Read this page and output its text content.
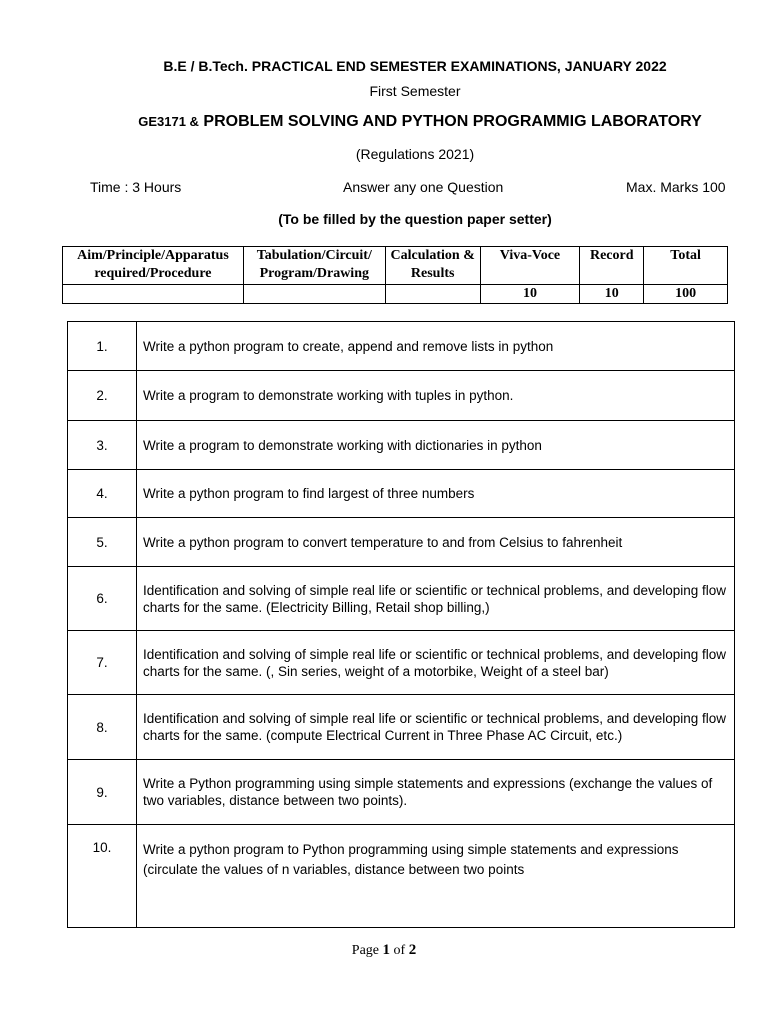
B.E / B.Tech. PRACTICAL END SEMESTER EXAMINATIONS, JANUARY 2022
First Semester
GE3171 & PROBLEM SOLVING AND PYTHON PROGRAMMIG LABORATORY
(Regulations 2021)
Time : 3 Hours	Answer any one Question	Max. Marks 100
(To be filled by the question paper setter)
Aim/Principle/Apparatus required/Procedure	Tabulation/Circuit/ Program/Drawing	Calculation & Results	Viva-Voce	Record	Total
			10	10	100
1.	Write a python program to create, append and remove lists in python
2.	Write a program to demonstrate working with tuples in python.
3.	Write a program to demonstrate working with dictionaries in python
4.	Write a python program to find largest of three numbers
5.	Write a python program to convert temperature to and from Celsius to fahrenheit
6.	Identification and solving of simple real life or scientific or technical problems, and developing flow charts for the same. (Electricity Billing, Retail shop billing,)
7.	Identification and solving of simple real life or scientific or technical problems, and developing flow charts for the same. (, Sin series, weight of a motorbike, Weight of a steel bar)
8.	Identification and solving of simple real life or scientific or technical problems, and developing flow charts for the same. (compute Electrical Current in Three Phase AC Circuit, etc.)
9.	Write a Python programming using simple statements and expressions (exchange the values of two variables, distance between two points).
10.	Write a python program to Python programming using simple statements and expressions
(circulate the values of n variables, distance between two points
Page 1 of 2
